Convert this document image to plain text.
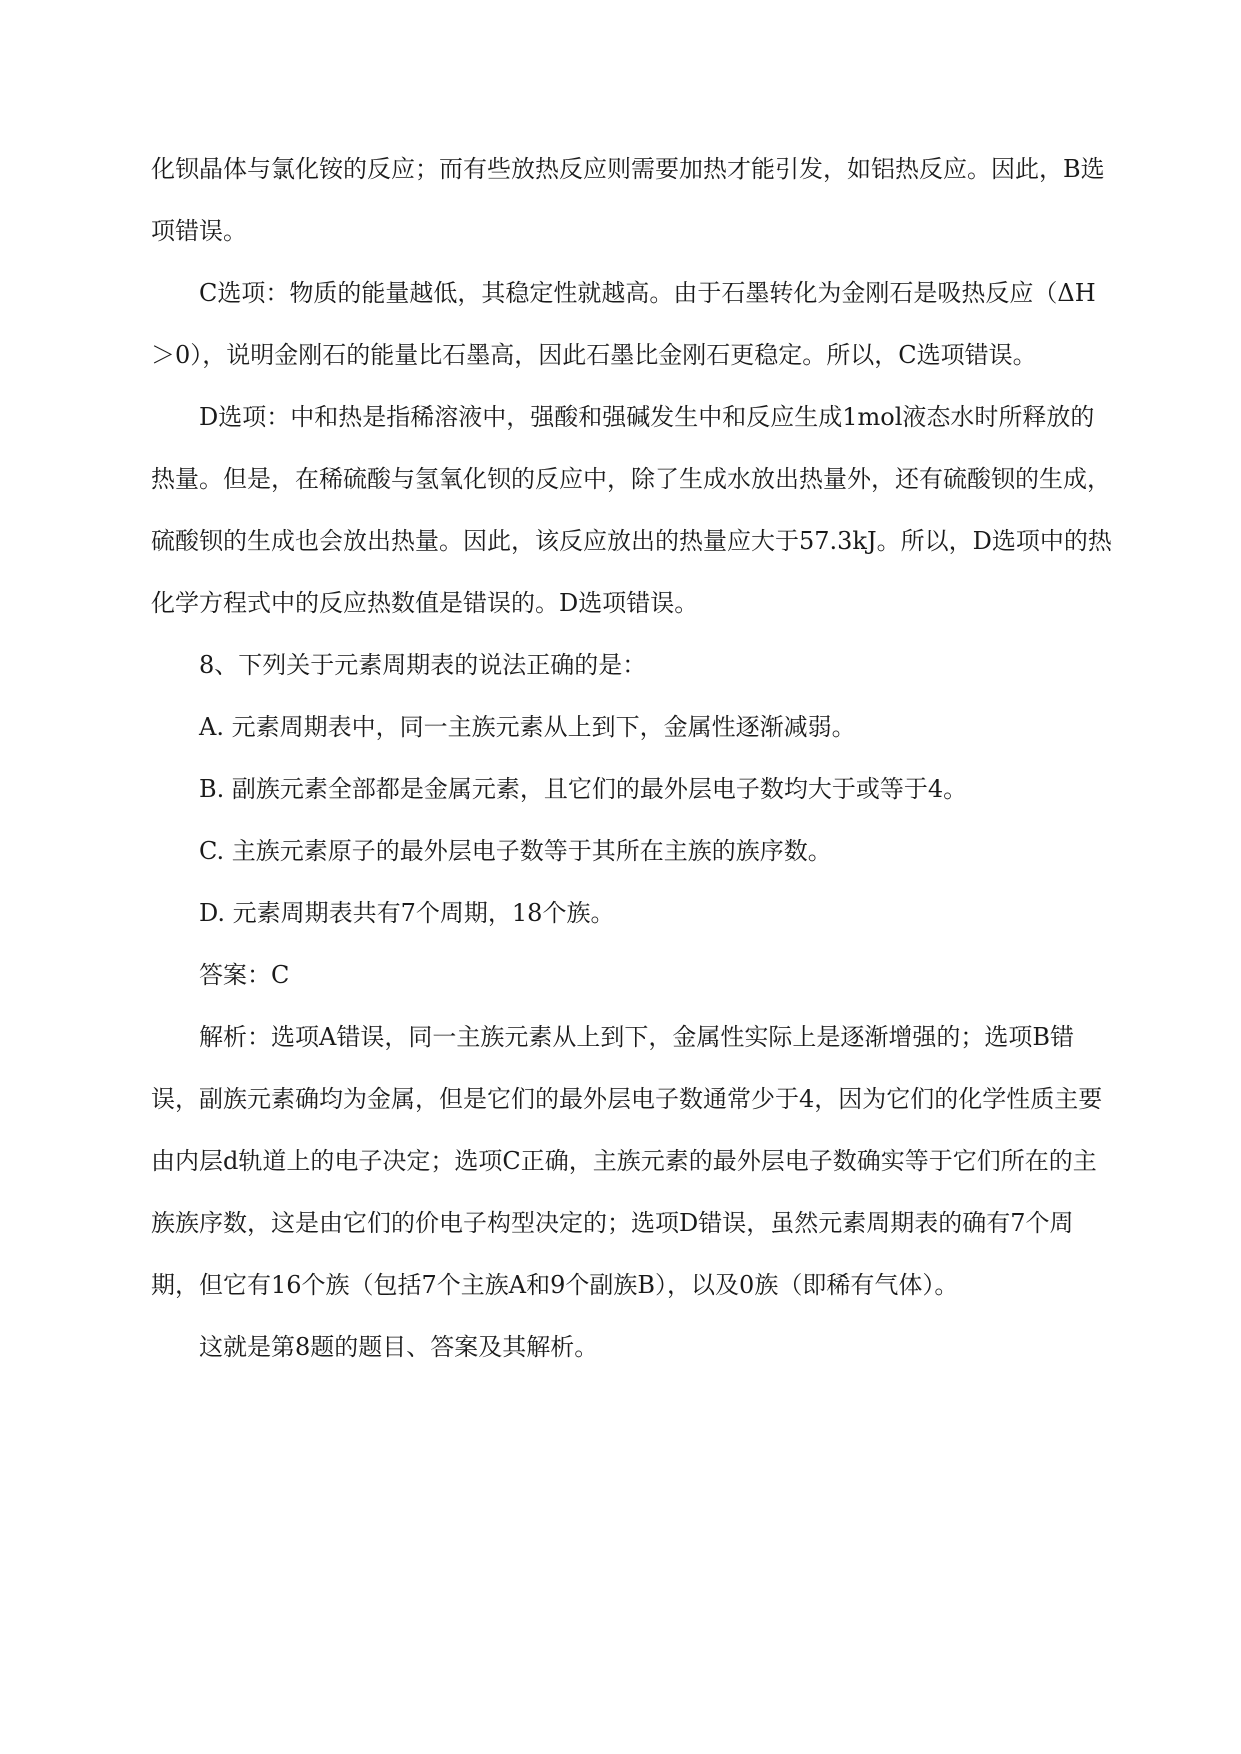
化钡晶体与氯化铵的反应；而有些放热反应则需要加热才能引发，如铝热反应。因此，B选项错误。

C选项：物质的能量越低，其稳定性就越高。由于石墨转化为金刚石是吸热反应（ΔH＞0），说明金刚石的能量比石墨高，因此石墨比金刚石更稳定。所以，C选项错误。

D选项：中和热是指稀溶液中，强酸和强碱发生中和反应生成1mol液态水时所释放的热量。但是，在稀硫酸与氢氧化钡的反应中，除了生成水放出热量外，还有硫酸钡的生成，硫酸钡的生成也会放出热量。因此，该反应放出的热量应大于57.3kJ。所以，D选项中的热化学方程式中的反应热数值是错误的。D选项错误。

8、下列关于元素周期表的说法正确的是：

A. 元素周期表中，同一主族元素从上到下，金属性逐渐减弱。

B. 副族元素全部都是金属元素，且它们的最外层电子数均大于或等于4。

C. 主族元素原子的最外层电子数等于其所在主族的族序数。

D. 元素周期表共有7个周期，18个族。

答案：C

解析：选项A错误，同一主族元素从上到下，金属性实际上是逐渐增强的；选项B错误，副族元素确均为金属，但是它们的最外层电子数通常少于4，因为它们的化学性质主要由内层d轨道上的电子决定；选项C正确，主族元素的最外层电子数确实等于它们所在的主族族序数，这是由它们的价电子构型决定的；选项D错误，虽然元素周期表的确有7个周期，但它有16个族（包括7个主族A和9个副族B），以及0族（即稀有气体）。

这就是第8题的题目、答案及其解析。
